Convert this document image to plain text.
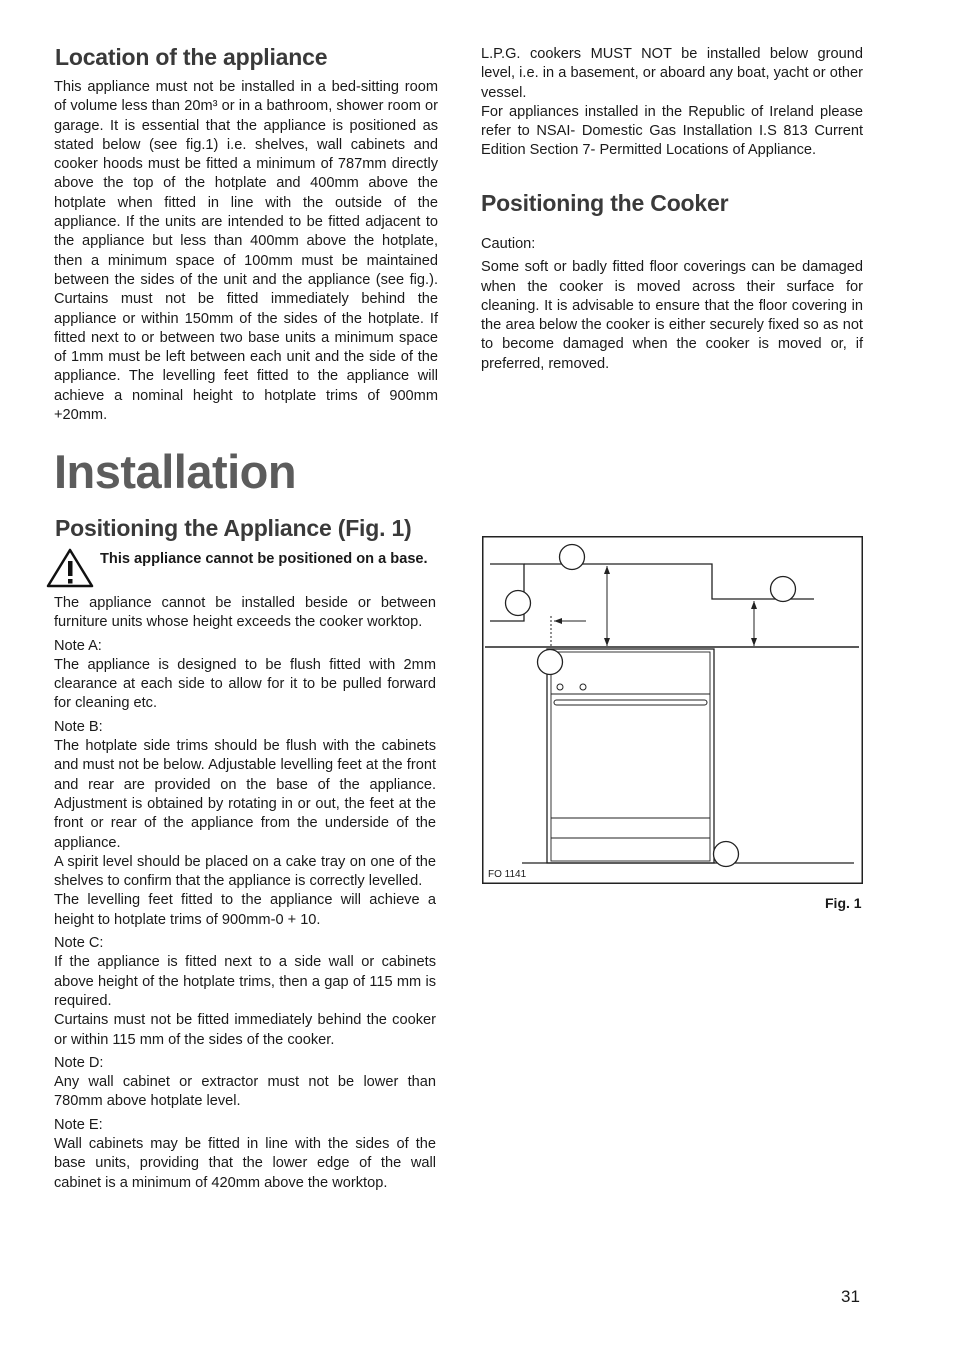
Location of the appliance

This appliance must not be installed in a bed-sitting room of volume less than 20m³ or in a bathroom, shower room or garage. It is essential that the appliance is positioned as stated below (see fig.1) i.e. shelves, wall cabinets and cooker hoods must be fitted a minimum of 787mm directly above the top of the hotplate and 400mm above the hotplate when fitted in line with the outside of the appliance. If the units are intended to be fitted adjacent to the appliance but less than 400mm above the hotplate, then a minimum space of 100mm must be maintained between the sides of the unit and the appliance (see fig.). Curtains must not be fitted immediately behind the appliance or within 150mm of the sides of the hotplate. If fitted next to or between two base units a minimum space of 1mm must be left between each unit and the side of the appliance. The levelling feet fitted to the appliance will achieve a nominal height to hotplate trims of 900mm +20mm.

L.P.G. cookers MUST NOT be installed below ground level, i.e. in a basement, or aboard any boat, yacht or other vessel.

For appliances installed in the Republic of Ireland please refer to NSAI- Domestic Gas Installation I.S 813 Current Edition Section 7- Permitted Locations of Appliance.

Positioning the Cooker

Caution:

Some soft or badly fitted floor coverings can be damaged when the cooker is moved across their surface for cleaning. It is advisable to ensure that the floor covering in the area below the cooker is either securely fixed so as not to become damaged when the cooker is moved or, if preferred, removed.

Installation
Positioning the Appliance (Fig. 1)
This appliance cannot be positioned on a base.

The appliance cannot be installed beside or between furniture units whose height exceeds the cooker worktop.

Note A:

The appliance is designed to be flush fitted with 2mm clearance at each side to allow for it to be pulled forward for cleaning etc.

Note B:

The hotplate side trims should be flush with the cabinets and must not be below. Adjustable levelling feet at the front and rear are provided on the base of the appliance. Adjustment is obtained by rotating in or out, the feet at the front or rear of the appliance from the underside of the appliance.

A spirit level should be placed on a cake tray on one of the shelves to confirm that the appliance is correctly levelled.

The levelling feet fitted to the appliance will achieve a height to hotplate trims of 900mm-0 + 10.

Note C:

If the appliance is fitted next to a side wall or cabinets above height of the hotplate trims, then a gap of 115 mm is required.

Curtains must not be fitted immediately behind the cooker or within 115 mm of the sides of the cooker.

Note D:

Any wall cabinet or extractor must not be lower than 780mm above hotplate level.

Note E:

Wall cabinets may be fitted in line with the sides of the base units, providing that the lower edge of the wall cabinet is a minimum of 420mm above the worktop.

FO 1141
Fig. 1
31
